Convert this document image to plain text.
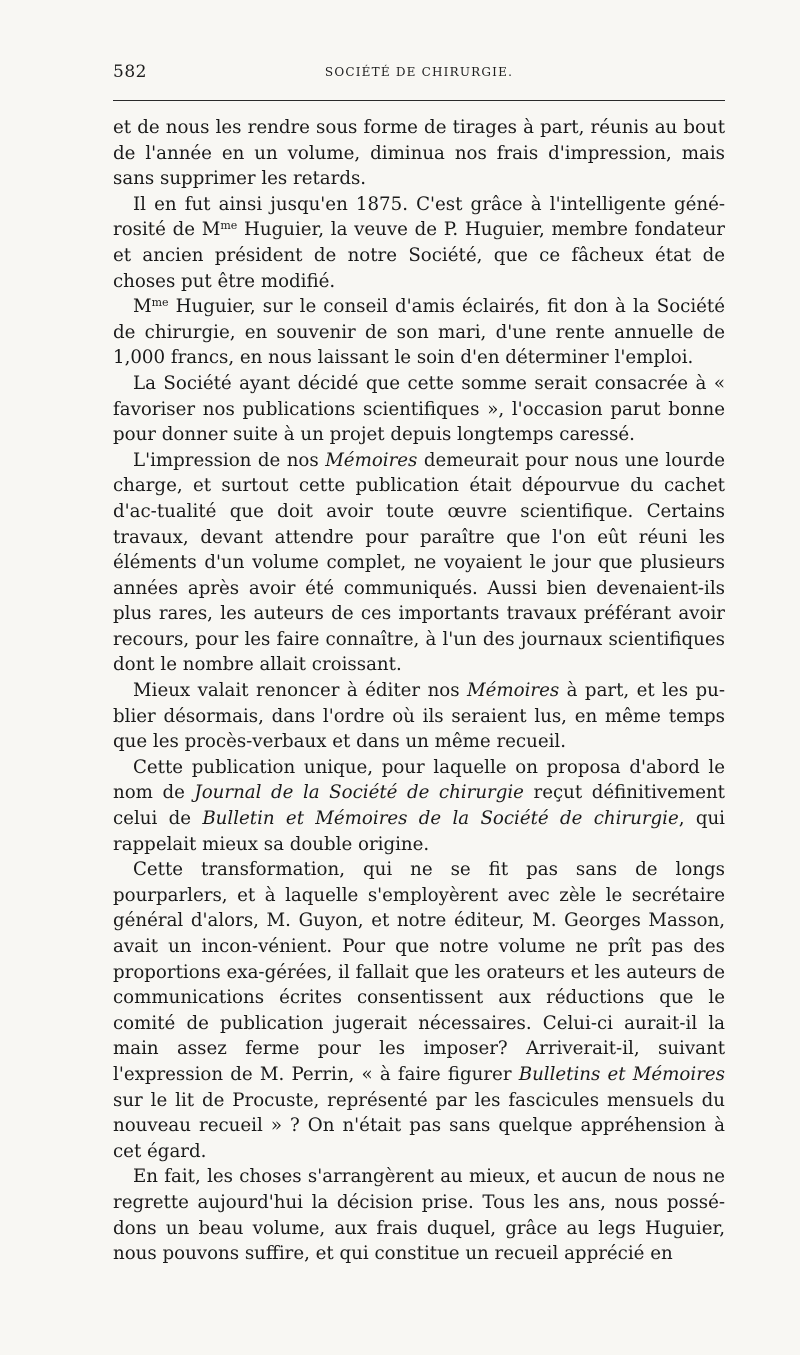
582	SOCIÉTÉ DE CHIRURGIE.

et de nous les rendre sous forme de tirages à part, réunis au bout de l'année en un volume, diminua nos frais d'impression, mais sans supprimer les retards.

Il en fut ainsi jusqu'en 1875. C'est grâce à l'intelligente géné-rosité de $M^{me}$ Huguier, la veuve de P. Huguier, membre fondateur et ancien président de notre Société, que ce fâcheux état de choses put être modifié.

$M^{me}$ Huguier, sur le conseil d'amis éclairés, fit don à la Société de chirurgie, en souvenir de son mari, d'une rente annuelle de 1,000 francs, en nous laissant le soin d'en déterminer l'emploi.

La Société ayant décidé que cette somme serait consacrée à « favoriser nos publications scientifiques », l'occasion parut bonne pour donner suite à un projet depuis longtemps caressé.

L'impression de nos Mémoires demeurait pour nous une lourde charge, et surtout cette publication était dépourvue du cachet d'ac-tualité que doit avoir toute œuvre scientifique. Certains travaux, devant attendre pour paraître que l'on eût réuni les éléments d'un volume complet, ne voyaient le jour que plusieurs années après avoir été communiqués. Aussi bien devenaient-ils plus rares, les auteurs de ces importants travaux préférant avoir recours, pour les faire connaître, à l'un des journaux scientifiques dont le nombre allait croissant.

Mieux valait renoncer à éditer nos Mémoires à part, et les pu-blier désormais, dans l'ordre où ils seraient lus, en même temps que les procès-verbaux et dans un même recueil.

Cette publication unique, pour laquelle on proposa d'abord le nom de Journal de la Société de chirurgie reçut définitivement celui de Bulletin et Mémoires de la Société de chirurgie, qui rappelait mieux sa double origine.

Cette transformation, qui ne se fit pas sans de longs pourparlers, et à laquelle s'employèrent avec zèle le secrétaire général d'alors, M. Guyon, et notre éditeur, M. Georges Masson, avait un incon-vénient. Pour que notre volume ne prît pas des proportions exa-gérées, il fallait que les orateurs et les auteurs de communications écrites consentissent aux réductions que le comité de publication jugerait nécessaires. Celui-ci aurait-il la main assez ferme pour les imposer? Arriverait-il, suivant l'expression de M. Perrin, « à faire figurer Bulletins et Mémoires sur le lit de Procuste, représenté par les fascicules mensuels du nouveau recueil » ? On n'était pas sans quelque appréhension à cet égard.

En fait, les choses s'arrangèrent au mieux, et aucun de nous ne regrette aujourd'hui la décision prise. Tous les ans, nous possé-dons un beau volume, aux frais duquel, grâce au legs Huguier, nous pouvons suffire, et qui constitue un recueil apprécié en
